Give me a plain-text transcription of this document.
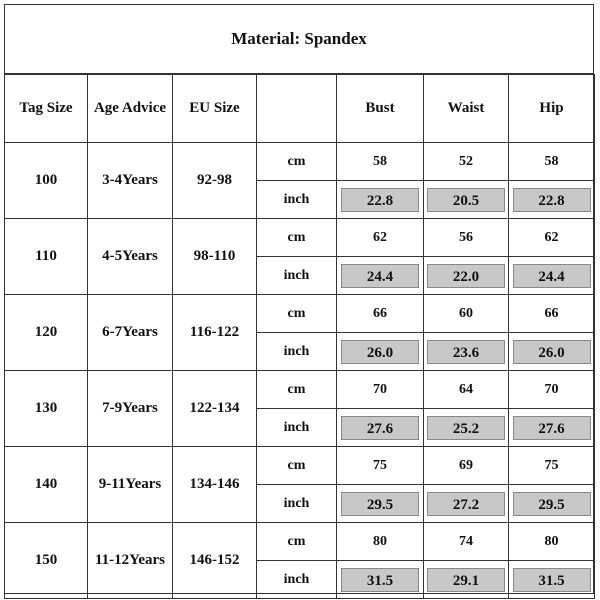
Material: Spandex
Tag Size	Age Advice	EU Size		Bust	Waist	Hip
100	3-4Years	92-98	cm	58	52	58
			inch	22.8	20.5	22.8
110	4-5Years	98-110	cm	62	56	62
			inch	24.4	22.0	24.4
120	6-7Years	116-122	cm	66	60	66
			inch	26.0	23.6	26.0
130	7-9Years	122-134	cm	70	64	70
			inch	27.6	25.2	27.6
140	9-11Years	134-146	cm	75	69	75
			inch	29.5	27.2	29.5
150	11-12Years	146-152	cm	80	74	80
			inch	31.5	29.1	31.5
